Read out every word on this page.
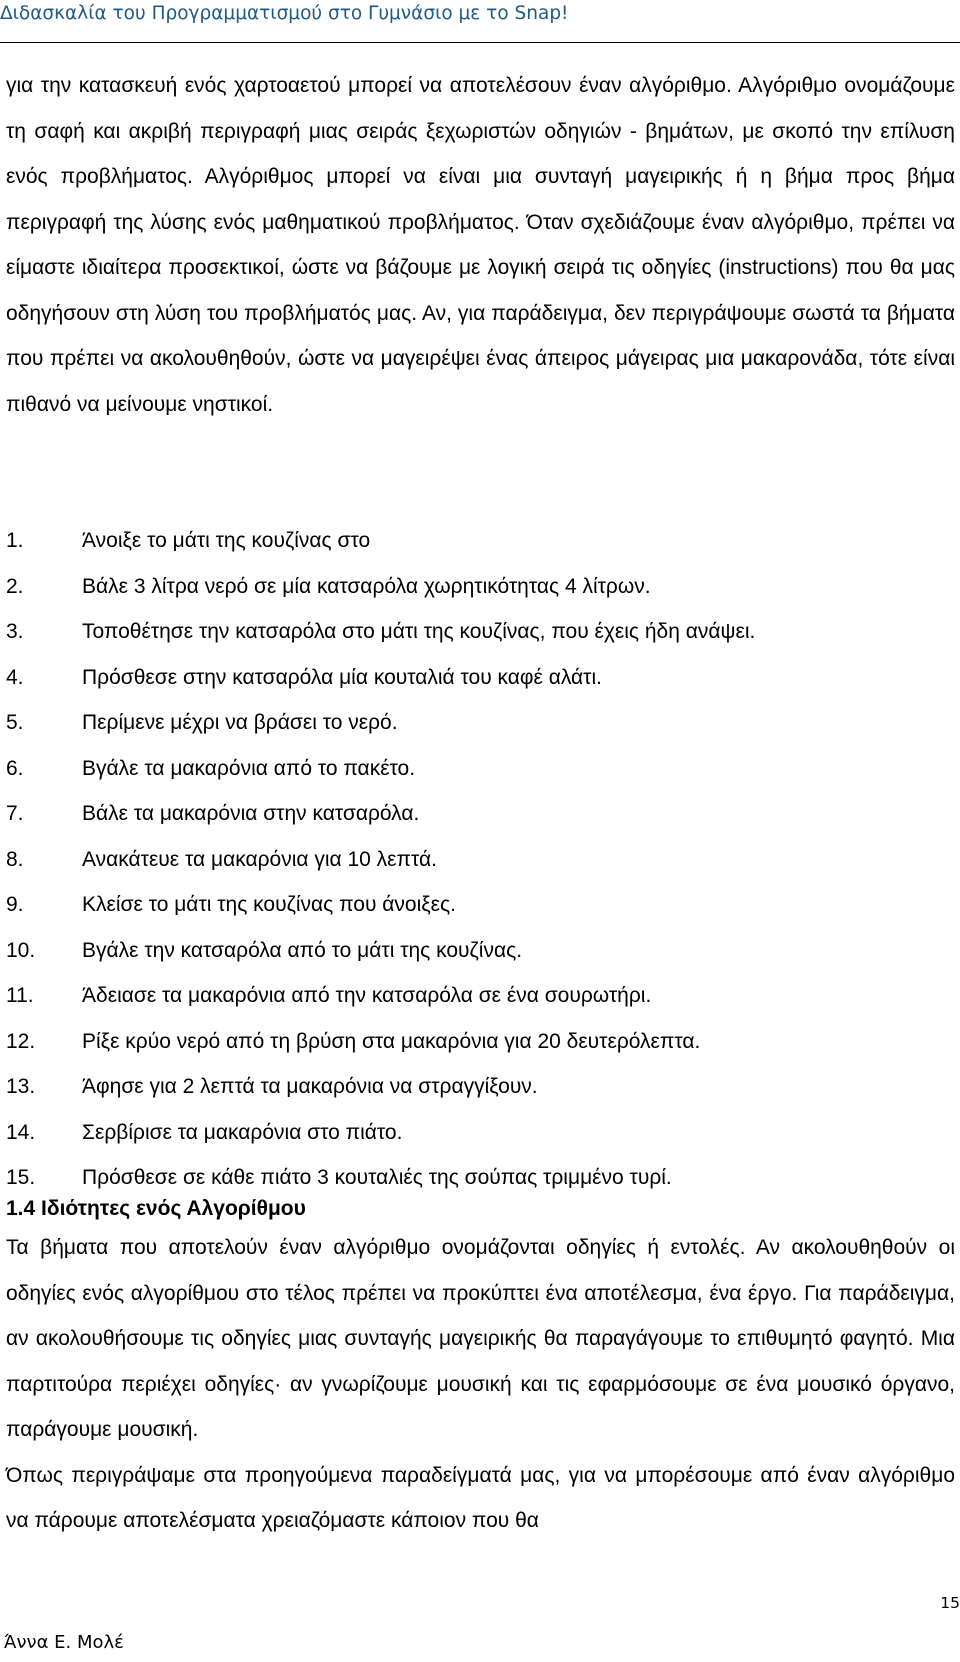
Διδασκαλία του Προγραμματισμού στο Γυμνάσιο με το Snap!

για την κατασκευή ενός χαρτοαετού μπορεί να αποτελέσουν έναν αλγόριθμο. Αλγόριθμο ονομάζουμε τη σαφή και ακριβή περιγραφή μιας σειράς ξεχωριστών οδηγιών - βημάτων, με σκοπό την επίλυση ενός προβλήματος. Αλγόριθμος μπορεί να είναι μια συνταγή μαγειρικής ή η βήμα προς βήμα περιγραφή της λύσης ενός μαθηματικού προβλήματος. Όταν σχεδιάζουμε έναν αλγόριθμο, πρέπει να είμαστε ιδιαίτερα προσεκτικοί, ώστε να βάζουμε με λογική σειρά τις οδηγίες (instructions) που θα μας οδηγήσουν στη λύση του προβλήματός μας. Αν, για παράδειγμα, δεν περιγράψουμε σωστά τα βήματα που πρέπει να ακολουθηθούν, ώστε να μαγειρέψει ένας άπειρος μάγειρας μια μακαρονάδα, τότε είναι πιθανό να μείνουμε νηστικοί.

1.	Άνοιξε το μάτι της κουζίνας στο
2.	Βάλε 3 λίτρα νερό σε μία κατσαρόλα χωρητικότητας 4 λίτρων.
3.	Τοποθέτησε την κατσαρόλα στο μάτι της κουζίνας, που έχεις ήδη ανάψει.
4.	Πρόσθεσε στην κατσαρόλα μία κουταλιά του καφέ αλάτι.
5.	Περίμενε μέχρι να βράσει το νερό.
6.	Βγάλε τα μακαρόνια από το πακέτο.
7.	Βάλε τα μακαρόνια στην κατσαρόλα.
8.	Ανακάτευε τα μακαρόνια για 10 λεπτά.
9.	Κλείσε το μάτι της κουζίνας που άνοιξες.
10. Βγάλε την κατσαρόλα από το μάτι της κουζίνας.
11. Άδειασε τα μακαρόνια από την κατσαρόλα σε ένα σουρωτήρι.
12. Ρίξε κρύο νερό από τη βρύση στα μακαρόνια για 20 δευτερόλεπτα.
13. Άφησε για 2 λεπτά τα μακαρόνια να στραγγίξουν.
14. Σερβίρισε τα μακαρόνια στο πιάτο.
15. Πρόσθεσε σε κάθε πιάτο 3 κουταλιές της σούπας τριμμένο τυρί.
1.4 Ιδιότητες ενός Αλγορίθμου

Τα βήματα που αποτελούν έναν αλγόριθμο ονομάζονται οδηγίες ή εντολές. Αν ακολουθηθούν οι οδηγίες ενός αλγορίθμου στο τέλος πρέπει να προκύπτει ένα αποτέλεσμα, ένα έργο. Για παράδειγμα, αν ακολουθήσουμε τις οδηγίες μιας συνταγής μαγειρικής θα παραγάγουμε το επιθυμητό φαγητό. Μια παρτιτούρα περιέχει οδηγίες· αν γνωρίζουμε μουσική και τις εφαρμόσουμε σε ένα μουσικό όργανο, παράγουμε μουσική.

Όπως περιγράψαμε στα προηγούμενα παραδείγματά μας, για να μπορέσουμε από έναν αλγόριθμο να πάρουμε αποτελέσματα χρειαζόμαστε κάποιον που θα

15
Άννα Ε. Μολέ
